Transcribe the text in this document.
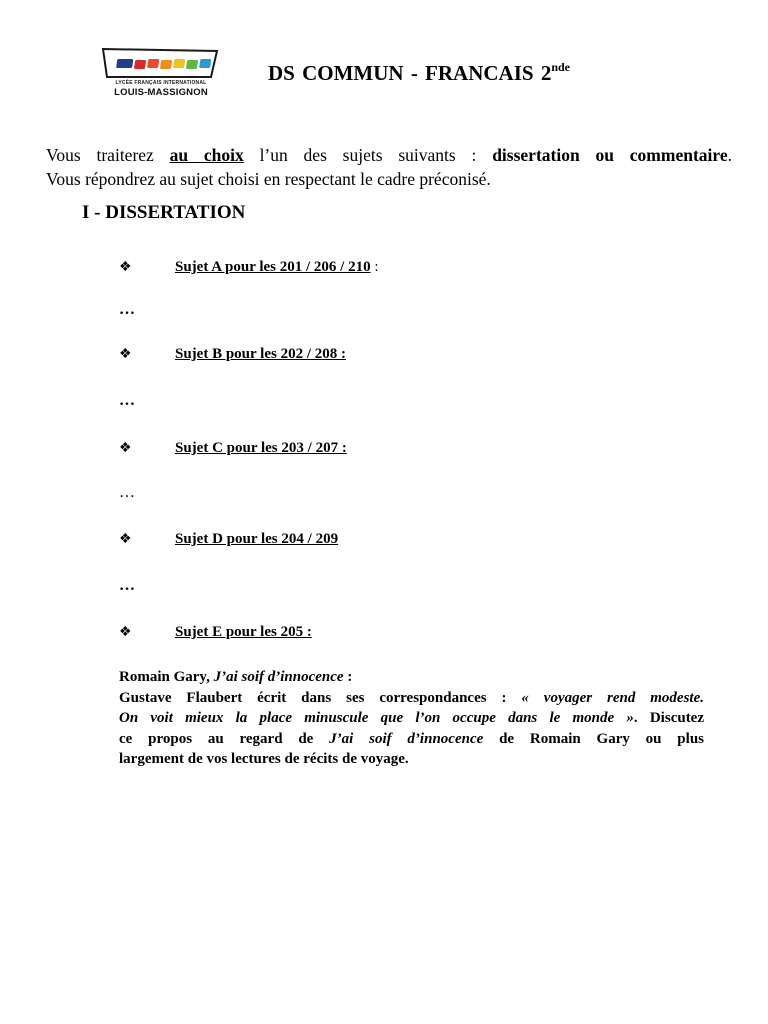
LYCÉE FRANÇAIS INTERNATIONAL
LOUIS-MASSIGNON
DS COMMUN - FRANCAIS 2nde
Vous traiterez au choix l’un des sujets suivants : dissertation ou commentaire.
Vous répondrez au sujet choisi en respectant le cadre préconisé.
I - DISSERTATION
❖	Sujet A pour les 201 / 206 / 210 :
…
❖	Sujet B pour les 202 / 208 :
…
❖	Sujet C pour les 203 / 207 :
…
❖	Sujet D pour les 204 / 209
…
❖	Sujet E pour les 205 :
Romain Gary, J’ai soif d’innocence :
Gustave Flaubert écrit dans ses correspondances : « voyager rend modeste.
On voit mieux la place minuscule que l’on occupe dans le monde ». Discutez
ce propos au regard de J’ai soif d’innocence de Romain Gary ou plus
largement de vos lectures de récits de voyage.
